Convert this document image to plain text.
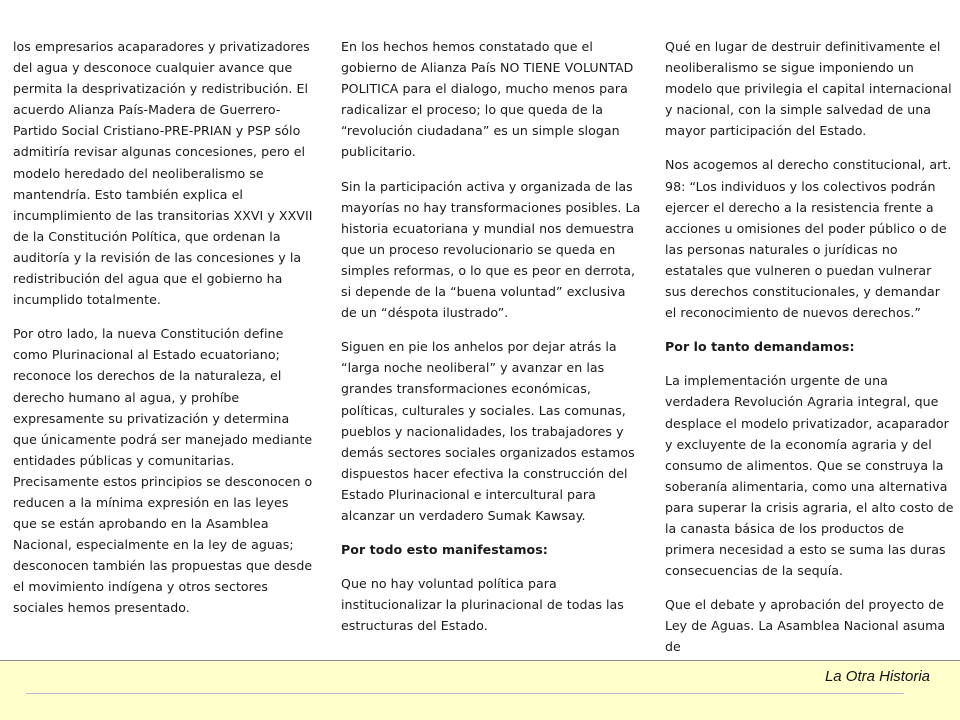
los empresarios acaparadores y privatizadores del agua y desconoce cualquier avance que permita la desprivatización y redistribución. El acuerdo Alianza País-Madera de Guerrero-Partido Social Cristiano-PRE-PRIAN y PSP sólo admitiría revisar algunas concesiones, pero el modelo heredado del neoliberalismo se mantendría. Esto también explica el incumplimiento de las transitorias XXVI y XXVII de la Constitución Política, que ordenan la auditoría y la revisión de las concesiones y la redistribución del agua que el gobierno ha incumplido totalmente.

Por otro lado, la nueva Constitución define como Plurinacional al Estado ecuatoriano; reconoce los derechos de la naturaleza, el derecho humano al agua, y prohíbe expresamente su privatización y determina que únicamente podrá ser manejado mediante entidades públicas y comunitarias. Precisamente estos principios se desconocen o reducen a la mínima expresión en las leyes que se están aprobando en la Asamblea Nacional, especialmente en la ley de aguas; desconocen también las propuestas que desde el movimiento indígena y otros sectores sociales hemos presentado.

En los hechos hemos constatado que el gobierno de Alianza País NO TIENE VOLUNTAD POLITICA para el dialogo, mucho menos para radicalizar el proceso; lo que queda de la “revolución ciudadana” es un simple slogan publicitario.

Sin la participación activa y organizada de las mayorías no hay transformaciones posibles. La historia ecuatoriana y mundial nos demuestra que un proceso revolucionario se queda en simples reformas, o lo que es peor en derrota, si depende de la “buena voluntad” exclusiva de un “déspota ilustrado”.

Siguen en pie los anhelos por dejar atrás la “larga noche neoliberal” y avanzar en las grandes transformaciones económicas, políticas, culturales y sociales. Las comunas, pueblos y nacionalidades, los trabajadores y demás sectores sociales organizados estamos dispuestos hacer efectiva la construcción del Estado Plurinacional e intercultural para alcanzar un verdadero Sumak Kawsay.

Por todo esto manifestamos:

Que no hay voluntad política para institucionalizar la plurinacional de todas las estructuras del Estado.

Qué en lugar de destruir definitivamente el neoliberalismo se sigue imponiendo un modelo que privilegia el capital internacional y nacional, con la simple salvedad de una mayor participación del Estado.

Nos acogemos al derecho constitucional, art. 98: “Los individuos y los colectivos podrán ejercer el derecho a la resistencia frente a acciones u omisiones del poder público o de las personas naturales o jurídicas no estatales que vulneren o puedan vulnerar sus derechos constitucionales, y demandar el reconocimiento de nuevos derechos.”

Por lo tanto demandamos:

La implementación urgente de una verdadera Revolución Agraria integral, que desplace el modelo privatizador, acaparador y excluyente de la economía agraria y del consumo de alimentos. Que se construya la soberanía alimentaria, como una alternativa para superar la crisis agraria, el alto costo de la canasta básica de los productos de primera necesidad a esto se suma las duras consecuencias de la sequía.

Que el debate y aprobación del proyecto de Ley de Aguas. La Asamblea Nacional asuma de

La Otra Historia
